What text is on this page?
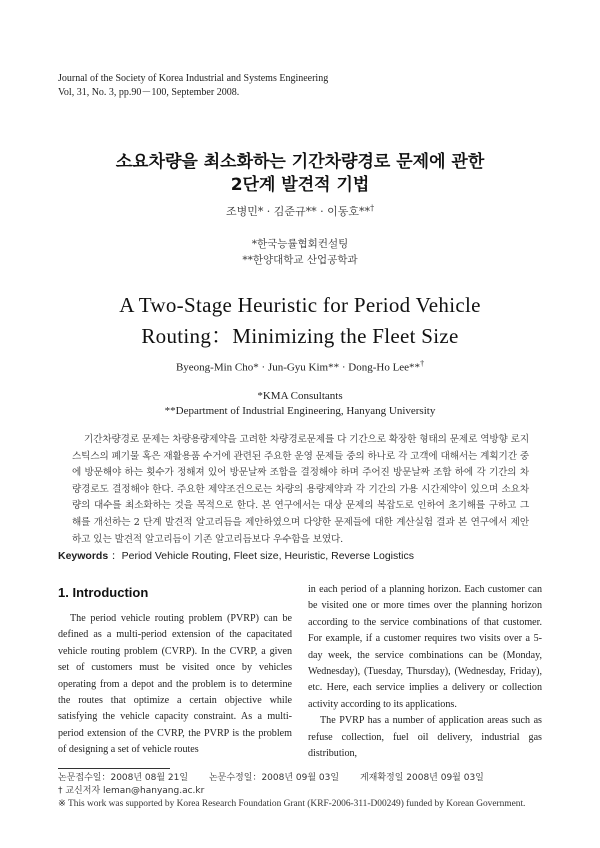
Journal of the Society of Korea Industrial and Systems Engineering
Vol, 31, No. 3, pp.90－100, September 2008.
소요차량을 최소화하는 기간차량경로 문제에 관한
2단계 발견적 기법
조병민* · 김준규** · 이동호**†
*한국능률협회컨설팅
**한양대학교 산업공학과
A Two-Stage Heuristic for Period Vehicle
Routing：Minimizing the Fleet Size
Byeong-Min Cho* · Jun-Gyu Kim** · Dong-Ho Lee**†
*KMA Consultants
**Department of Industrial Engineering, Hanyang University
기간차량경로 문제는 차량용량제약을 고려한 차량경로문제를 다 기간으로 확장한 형태의 문제로 역방향 로지스틱스의 폐기물 혹은 재활용품 수거에 관련된 주요한 운영 문제들 중의 하나로 각 고객에 대해서는 계획기간 중에 방문해야 하는 횟수가 정해져 있어 방문날짜 조합을 결정해야 하며 주어진 방문날짜 조합 하에 각 기간의 차량경로도 결정해야 한다. 주요한 제약조건으로는 차량의 용량제약과 각 기간의 가용 시간제약이 있으며 소요차량의 대수를 최소화하는 것을 목적으로 한다. 본 연구에서는 대상 문제의 복잡도로 인하여 초기해를 구하고 그 해를 개선하는 2 단계 발견적 알고리듬을 제안하였으며 다양한 문제들에 대한 계산실험 결과 본 연구에서 제안하고 있는 발견적 알고리듬이 기존 알고리듬보다 우수함을 보였다.
Keywords ：Period Vehicle Routing, Fleet size, Heuristic, Reverse Logistics
1. Introduction
The period vehicle routing problem (PVRP) can be defined as a multi-period extension of the capacitated vehicle routing problem (CVRP). In the CVRP, a given set of customers must be visited once by vehicles operating from a depot and the problem is to determine the routes that optimize a certain objective while satisfying the vehicle capacity constraint. As a multi-period extension of the CVRP, the PVRP is the problem of designing a set of vehicle routes

in each period of a planning horizon. Each customer can be visited one or more times over the planning horizon according to the service combinations of that customer. For example, if a customer requires two visits over a 5-day week, the service combinations can be (Monday, Wednesday), (Tuesday, Thursday), (Wednesday, Friday), etc. Here, each service implies a delivery or collection activity according to its applications.

The PVRP has a number of application areas such as refuse collection, fuel oil delivery, industrial gas distribution,

논문접수일：2008년 08월 21일 논문수정일：2008년 09월 03일 게재확정일 2008년 09월 03일
† 교신저자 leman@hanyang.ac.kr
※ This work was supported by Korea Research Foundation Grant (KRF-2006-311-D00249) funded by Korean Government.
